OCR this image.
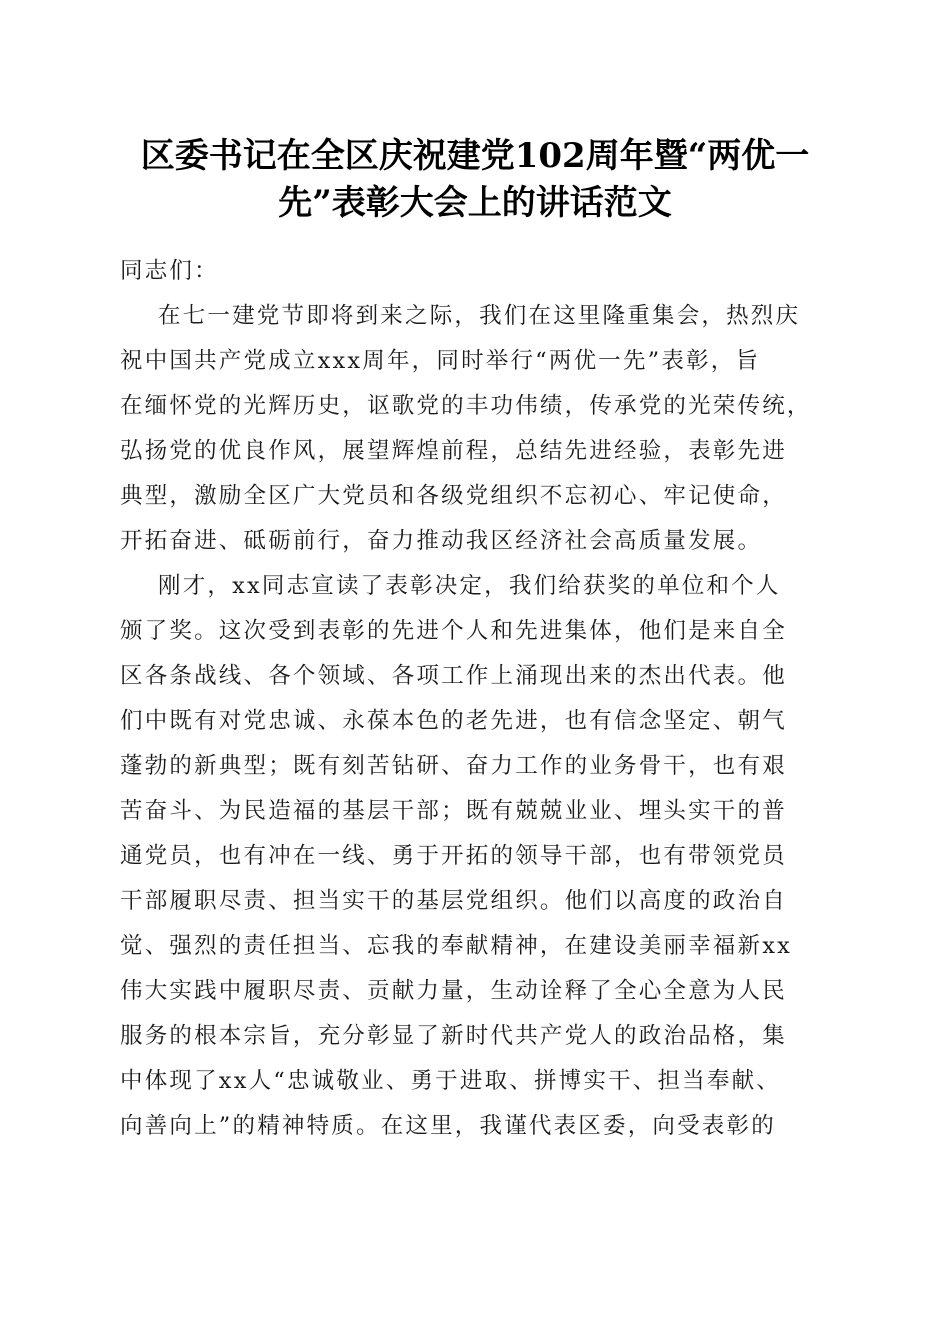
区委书记在全区庆祝建党102周年暨“两优一
先”表彰大会上的讲话范文
同志们：
在七一建党节即将到来之际，我们在这里隆重集会，热烈庆
祝中国共产党成立xxx周年，同时举行“两优一先”表彰，旨
在缅怀党的光辉历史，讴歌党的丰功伟绩，传承党的光荣传统，
弘扬党的优良作风，展望辉煌前程，总结先进经验，表彰先进
典型，激励全区广大党员和各级党组织不忘初心、牢记使命，
开拓奋进、砥砺前行，奋力推动我区经济社会高质量发展。
刚才，xx同志宣读了表彰决定，我们给获奖的单位和个人
颁了奖。这次受到表彰的先进个人和先进集体，他们是来自全
区各条战线、各个领域、各项工作上涌现出来的杰出代表。他
们中既有对党忠诚、永葆本色的老先进，也有信念坚定、朝气
蓬勃的新典型；既有刻苦钻研、奋力工作的业务骨干，也有艰
苦奋斗、为民造福的基层干部；既有兢兢业业、埋头实干的普
通党员，也有冲在一线、勇于开拓的领导干部，也有带领党员
干部履职尽责、担当实干的基层党组织。他们以高度的政治自
觉、强烈的责任担当、忘我的奉献精神，在建设美丽幸福新xx
伟大实践中履职尽责、贡献力量，生动诠释了全心全意为人民
服务的根本宗旨，充分彰显了新时代共产党人的政治品格，集
中体现了xx人“忠诚敬业、勇于进取、拼博实干、担当奉献、
向善向上”的精神特质。在这里，我谨代表区委，向受表彰的
